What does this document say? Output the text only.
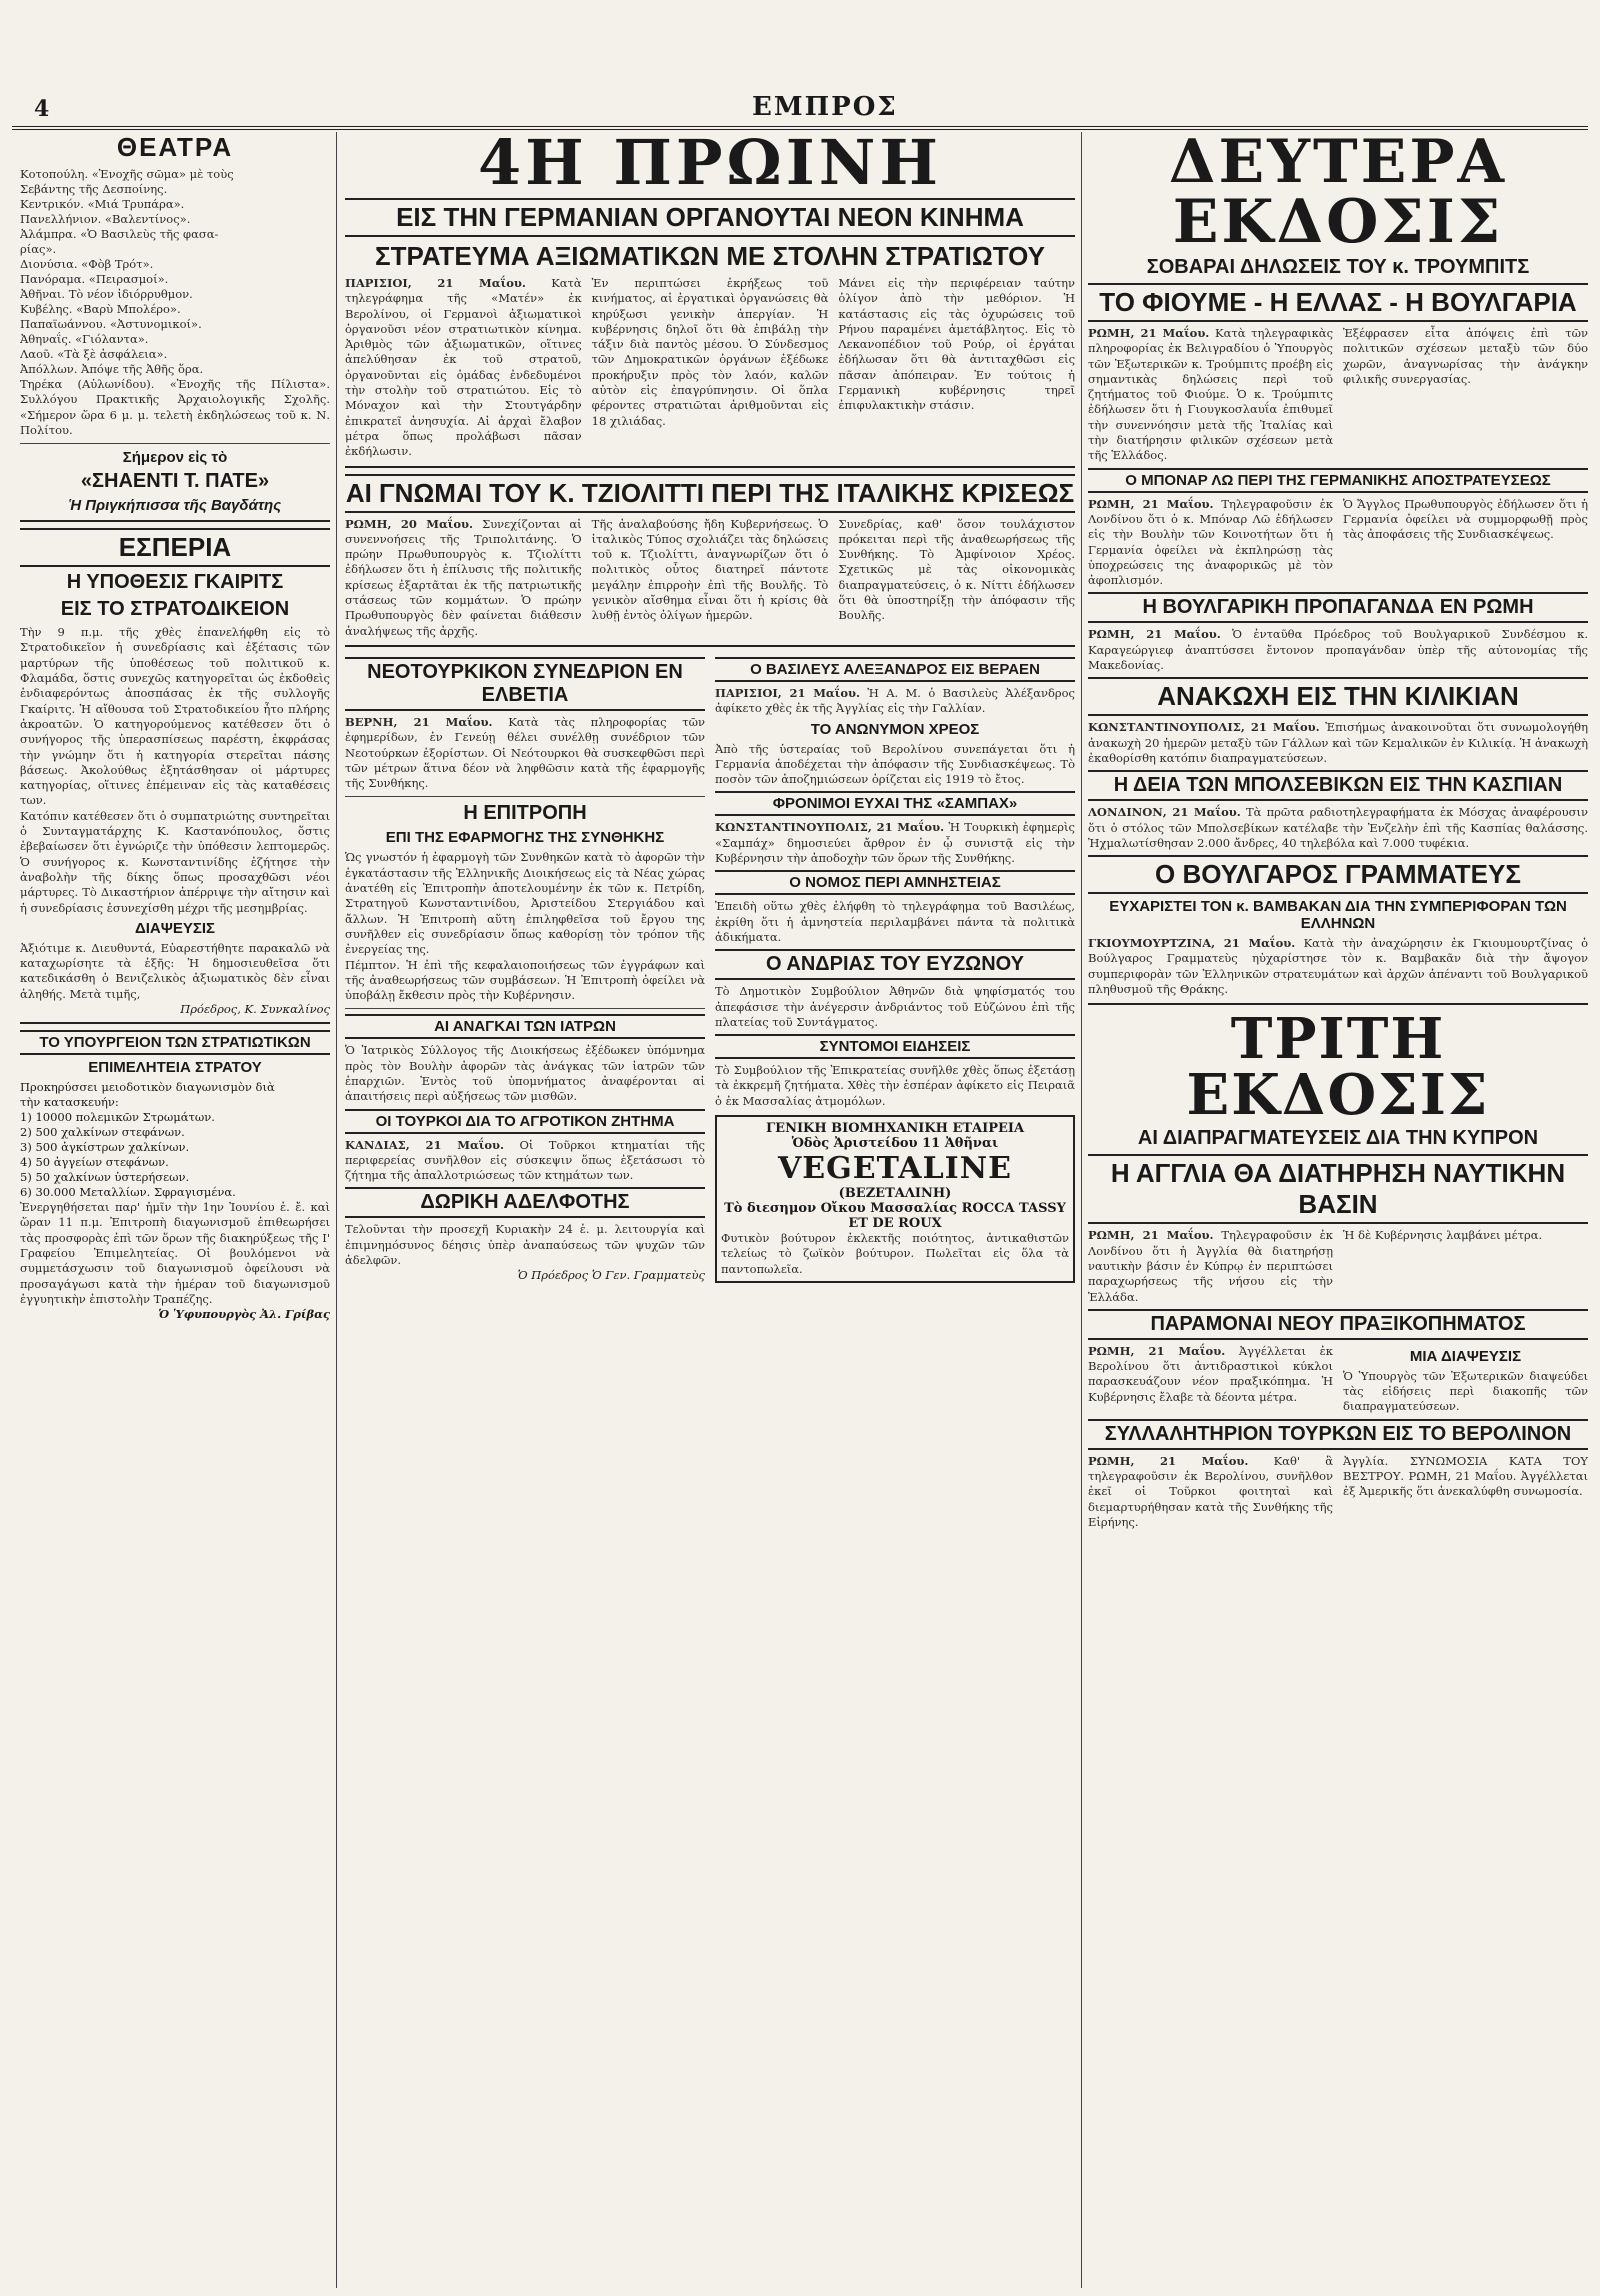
4	ΕΜΠΡΟΣ
ΘΕΑΤΡΑ
Κοτοπούλη. «Ἐνοχῆς σῶμα» μὲ τοὺς
Σεβάντης τῆς Δεσποίνης.
Κεντρικόν. «Μιά Τρυπάρα».
Πανελλήνιον. «Βαλεντίνος».
Ἀλάμπρα. «Ὁ Βασιλεὺς τῆς φασα-
ρίας».
Διονύσια. «Φὸβ Τρότ».
Πανόραμα. «Πειρασμοί».
Ἀθῆναι. Τὸ νέον ἰδιόρρυθμον.
Κυβέλης. «Βαρὺ Μπολέρο».
Παπαϊωάννου. «Ἀστυνομικοί».
Ἀθηναΐς. «Γιόλαντα».
Λαοῦ. «Τὰ ξὲ ἀσφάλεια».
Ἀπόλλων. Ἀπόψε τῆς Ἀθῆς ὅρα.

Τηρέκα (Αὐλωνίδου). «Ἐνοχῆς τῆς Πίλιστα». Συλλόγου Πρακτικῆς Ἀρχαιολογικῆς Σχολῆς. «Σήμερον ὥρα 6 μ. μ. τελετὴ ἐκδηλώσεως τοῦ κ. Ν. Πολίτου.

Σήμερον εἰς τὸ
«ΣΗΑΕΝΤΙ Τ. ΠΑΤΕ»
Ἡ Πριγκήπισσα τῆς Βαγδάτης
ΕΣΠΕΡΙΑ
Η ΥΠΟΘΕΣΙΣ ΓΚΑΙΡΙΤΣ
ΕΙΣ ΤΟ ΣΤΡΑΤΟΔΙΚΕΙΟΝ

Τὴν 9 π.μ. τῆς χθὲς ἐπανελήφθη εἰς τὸ Στρατοδικεῖον ἡ συνεδρίασις καὶ ἐξέτασις τῶν μαρτύρων τῆς ὑποθέσεως τοῦ πολιτικοῦ κ. Φλαμάδα, ὅστις συνεχῶς κατηγορεῖται ὡς ἐκδοθεὶς ἐνδιαφερόντως ἀποσπάσας ἐκ τῆς συλλογῆς Γκαίριτς. Ἡ αἴθουσα τοῦ Στρατοδικείου ἦτο πλήρης ἀκροατῶν. Ὁ κατηγορούμενος κατέθεσεν ὅτι ὁ συνήγορος τῆς ὑπερασπίσεως παρέστη, ἐκφράσας τὴν γνώμην ὅτι ἡ κατηγορία στερεῖται πάσης βάσεως. Ἀκολούθως ἐξητάσθησαν οἱ μάρτυρες κατηγορίας, οἵτινες ἐπέμειναν εἰς τὰς καταθέσεις των.

Κατόπιν κατέθεσεν ὅτι ὁ συμπατριώτης συντηρεῖται ὁ Συνταγματάρχης Κ. Καστανόπουλος, ὅστις ἐβεβαίωσεν ὅτι ἐγνώριζε τὴν ὑπόθεσιν λεπτομερῶς. Ὁ συνήγορος κ. Κωνσταντινίδης ἐζήτησε τὴν ἀναβολὴν τῆς δίκης ὅπως προσαχθῶσι νέοι μάρτυρες. Τὸ Δικαστήριον ἀπέρριψε τὴν αἴτησιν καὶ ἡ συνεδρίασις ἐσυνεχίσθη μέχρι τῆς μεσημβρίας.

ΔΙΑΨΕΥΣΙΣ

Ἀξιότιμε κ. Διευθυντά, Εὐαρεστήθητε παρακαλῶ νὰ καταχωρίσητε τὰ ἑξῆς: Ἡ δημοσιευθεῖσα ὅτι κατεδικάσθη ὁ Βενιζελικὸς ἀξιωματικὸς δὲν εἶναι ἀληθής. Μετὰ τιμῆς,

Πρόεδρος, Κ. Συνκαλίνος
ΤΟ ΥΠΟΥΡΓΕΙΟΝ ΤΩΝ ΣΤΡΑΤΙΩΤΙΚΩΝ
ΕΠΙΜΕΛΗΤΕΙΑ ΣΤΡΑΤΟΥ
Προκηρύσσει μειοδοτικὸν διαγωνισμὸν διὰ
τὴν κατασκευήν:
1) 10000 πολεμικῶν Στρωμάτων.
2) 500 χαλκίνων στεφάνων.
3) 500 ἀγκίστρων χαλκίνων.
4) 50 ἀγγείων στεφάνων.
5) 50 χαλκίνων ὑστερήσεων.
6) 30.000 Μεταλλίων. Σφραγισμένα.

Ἐνεργηθήσεται παρ' ἡμῖν τὴν 1ην Ἰουνίου ἐ. ἔ. καὶ ὥραν 11 π.μ. Ἐπιτροπὴ διαγωνισμοῦ ἐπιθεωρήσει τὰς προσφορὰς ἐπὶ τῶν ὅρων τῆς διακηρύξεως τῆς Ι' Γραφείου Ἐπιμελητείας. Οἱ βουλόμενοι νὰ συμμετάσχωσιν τοῦ διαγωνισμοῦ ὀφείλουσι νὰ προσαγάγωσι κατὰ τὴν ἡμέραν τοῦ διαγωνισμοῦ ἐγγυητικὴν ἐπιστολὴν Τραπέζης.

Ὁ Ὑφυπουργὸς Ἀλ. Γρίβας
4Η ΠΡΩΙΝΗ
ΕΙΣ ΤΗΝ ΓΕΡΜΑΝΙΑΝ ΟΡΓΑΝΟΥΤΑΙ ΝΕΟΝ ΚΙΝΗΜΑ
ΣΤΡΑΤΕΥΜΑ ΑΞΙΩΜΑΤΙΚΩΝ ΜΕ ΣΤΟΛΗΝ ΣΤΡΑΤΙΩΤΟΥ

ΠΑΡΙΣΙΟΙ, 21 Μαΐου. Κατὰ τηλεγράφημα τῆς «Ματέν» ἐκ Βερολίνου, οἱ Γερμανοὶ ἀξιωματικοὶ ὀργανοῦσι νέον στρατιωτικὸν κίνημα. Ἀριθμὸς τῶν ἀξιωματικῶν, οἵτινες ἀπελύθησαν ἐκ τοῦ στρατοῦ, ὀργανοῦνται εἰς ὁμάδας ἐνδεδυμένοι τὴν στολὴν τοῦ στρατιώτου. Εἰς τὸ Μόναχον καὶ τὴν Στουτγάρδην ἐπικρατεῖ ἀνησυχία. Αἱ ἀρχαὶ ἔλαβον μέτρα ὅπως προλάβωσι πᾶσαν ἐκδήλωσιν.

Ἐν περιπτώσει ἐκρήξεως τοῦ κινήματος, αἱ ἐργατικαὶ ὀργανώσεις θὰ κηρύξωσι γενικὴν ἀπεργίαν. Ἡ κυβέρνησις δηλοῖ ὅτι θὰ ἐπιβάλῃ τὴν τάξιν διὰ παντὸς μέσου. Ὁ Σύνδεσμος τῶν Δημοκρατικῶν ὀργάνων ἐξέδωκε προκήρυξιν πρὸς τὸν λαόν, καλῶν αὐτὸν εἰς ἐπαγρύπνησιν. Οἱ ὅπλα φέροντες στρατιῶται ἀριθμοῦνται εἰς 18 χιλιάδας.

Μάνει εἰς τὴν περιφέρειαν ταύτην ὀλίγον ἀπὸ τὴν μεθόριον. Ἡ κατάστασις εἰς τὰς ὀχυρώσεις τοῦ Ρήνου παραμένει ἀμετάβλητος. Εἰς τὸ Λεκανοπέδιον τοῦ Ρούρ, οἱ ἐργάται ἐδήλωσαν ὅτι θὰ ἀντιταχθῶσι εἰς πᾶσαν ἀπόπειραν. Ἐν τούτοις ἡ Γερμανικὴ κυβέρνησις τηρεῖ ἐπιφυλακτικὴν στάσιν.

ΑΙ ΓΝΩΜΑΙ ΤΟΥ Κ. ΤΖΙΟΛΙΤΤΙ ΠΕΡΙ ΤΗΣ ΙΤΑΛΙΚΗΣ ΚΡΙΣΕΩΣ

ΡΩΜΗ, 20 Μαΐου. Συνεχίζονται αἱ συνεννοήσεις τῆς Τριπολιτάνης. Ὁ πρώην Πρωθυπουργὸς κ. Τζιολίττι ἐδήλωσεν ὅτι ἡ ἐπίλυσις τῆς πολιτικῆς κρίσεως ἐξαρτᾶται ἐκ τῆς πατριωτικῆς στάσεως τῶν κομμάτων. Ὁ πρώην Πρωθυπουργὸς δὲν φαίνεται διάθεσιν ἀναλήψεως τῆς ἀρχῆς.

Τῆς ἀναλαβούσης ἤδη Κυβερνήσεως. Ὁ ἰταλικὸς Τύπος σχολιάζει τὰς δηλώσεις τοῦ κ. Τζιολίττι, ἀναγνωρίζων ὅτι ὁ πολιτικὸς οὗτος διατηρεῖ πάντοτε μεγάλην ἐπιρροὴν ἐπὶ τῆς Βουλῆς. Τὸ γενικὸν αἴσθημα εἶναι ὅτι ἡ κρίσις θὰ λυθῇ ἐντὸς ὀλίγων ἡμερῶν.

Συνεδρίας, καθ' ὅσον τουλάχιστον πρόκειται περὶ τῆς ἀναθεωρήσεως τῆς Συνθήκης. Τὸ Ἀμφίνοιον Χρέος. Σχετικῶς μὲ τὰς οἰκονομικὰς διαπραγματεύσεις, ὁ κ. Νίττι ἐδήλωσεν ὅτι θὰ ὑποστηρίξῃ τὴν ἀπόφασιν τῆς Βουλῆς.

ΝΕΟΤΟΥΡΚΙΚΟΝ ΣΥΝΕΔΡΙΟΝ ΕΝ ΕΛΒΕΤΙΑ

ΒΕΡΝΗ, 21 Μαΐου. Κατὰ τὰς πληροφορίας τῶν ἐφημερίδων, ἐν Γενεύῃ θέλει συνέλθῃ συνέδριον τῶν Νεοτούρκων ἐξορίστων. Οἱ Νεότουρκοι θὰ συσκεφθῶσι περὶ τῶν μέτρων ἅτινα δέον νὰ ληφθῶσιν κατὰ τῆς ἐφαρμογῆς τῆς Συνθήκης.

Η ΕΠΙΤΡΟΠΗ
ΕΠΙ ΤΗΣ ΕΦΑΡΜΟΓΗΣ ΤΗΣ ΣΥΝΘΗΚΗΣ

Ὡς γνωστόν ἡ ἐφαρμογὴ τῶν Συνθηκῶν κατὰ τὸ ἀφορῶν τὴν ἐγκατάστασιν τῆς Ἑλληνικῆς Διοικήσεως εἰς τὰ Νέας χώρας ἀνατέθη εἰς Ἐπιτροπὴν ἀποτελουμένην ἐκ τῶν κ. Πετρίδη, Στρατηγοῦ Κωνσταντινίδου, Ἀριστείδου Στεργιάδου καὶ ἄλλων. Ἡ Ἐπιτροπὴ αὕτη ἐπιληφθεῖσα τοῦ ἔργου της συνῆλθεν εἰς συνεδρίασιν ὅπως καθορίσῃ τὸν τρόπον τῆς ἐνεργείας της.

Πέμπτον. Ἡ ἐπὶ τῆς κεφαλαιοποιήσεως τῶν ἐγγράφων καὶ τῆς ἀναθεωρήσεως τῶν συμβάσεων. Ἡ Ἐπιτροπὴ ὀφείλει νὰ ὑποβάλῃ ἔκθεσιν πρὸς τὴν Κυβέρνησιν.

ΑΙ ΑΝΑΓΚΑΙ ΤΩΝ ΙΑΤΡΩΝ

Ὁ Ἰατρικὸς Σύλλογος τῆς Διοικήσεως ἐξέδωκεν ὑπόμνημα πρὸς τὸν Βουλὴν ἀφορῶν τὰς ἀνάγκας τῶν ἰατρῶν τῶν ἐπαρχιῶν. Ἐντὸς τοῦ ὑπομνήματος ἀναφέρονται αἱ ἀπαιτήσεις περὶ αὐξήσεως τῶν μισθῶν.

ΟΙ ΤΟΥΡΚΟΙ ΔΙΑ ΤΟ ΑΓΡΟΤΙΚΟΝ ΖΗΤΗΜΑ

ΚΑΝΔΙΑΣ, 21 Μαΐου. Οἱ Τοῦρκοι κτηματίαι τῆς περιφερείας συνῆλθον εἰς σύσκεψιν ὅπως ἐξετάσωσι τὸ ζήτημα τῆς ἀπαλλοτριώσεως τῶν κτημάτων των.

ΔΩΡΙΚΗ ΑΔΕΛΦΟΤΗΣ

Τελοῦνται τὴν προσεχῆ Κυριακὴν 24 ἐ. μ. λειτουργία καὶ ἐπιμνημόσυνος δέησις ὑπὲρ ἀναπαύσεως τῶν ψυχῶν τῶν ἀδελφῶν.

Ὁ Πρόεδρος Ὁ Γεν. Γραμματεὺς
Ο ΒΑΣΙΛΕΥΣ ΑΛΕΞΑΝΔΡΟΣ ΕΙΣ ΒΕΡΑΕΝ

ΠΑΡΙΣΙΟΙ, 21 Μαΐου. Ἡ Α. Μ. ὁ Βασιλεὺς Ἀλέξανδρος ἀφίκετο χθὲς ἐκ τῆς Ἀγγλίας εἰς τὴν Γαλλίαν.

ΤΟ ΑΝΩΝΥΜΟΝ ΧΡΕΟΣ

Ἀπὸ τῆς ὑστεραίας τοῦ Βερολίνου συνεπάγεται ὅτι ἡ Γερμανία ἀποδέχεται τὴν ἀπόφασιν τῆς Συνδιασκέψεως. Τὸ ποσὸν τῶν ἀποζημιώσεων ὁρίζεται εἰς 1919 τὸ ἔτος.

ΦΡΟΝΙΜΟΙ ΕΥΧΑΙ ΤΗΣ «ΣΑΜΠΑΧ»

ΚΩΝΣΤΑΝΤΙΝΟΥΠΟΛΙΣ, 21 Μαΐου. Ἡ Τουρκικὴ ἐφημερὶς «Σαμπάχ» δημοσιεύει ἄρθρον ἐν ᾧ συνιστᾷ εἰς τὴν Κυβέρνησιν τὴν ἀποδοχὴν τῶν ὅρων τῆς Συνθήκης.

Ο ΝΟΜΟΣ ΠΕΡΙ ΑΜΝΗΣΤΕΙΑΣ

Ἐπειδὴ οὕτω χθὲς ἐλήφθη τὸ τηλεγράφημα τοῦ Βασιλέως, ἐκρίθη ὅτι ἡ ἀμνηστεία περιλαμβάνει πάντα τὰ πολιτικὰ ἀδικήματα.

Ο ΑΝΔΡΙΑΣ ΤΟΥ ΕΥΖΩΝΟΥ

Τὸ Δημοτικὸν Συμβούλιον Ἀθηνῶν διὰ ψηφίσματός του ἀπεφάσισε τὴν ἀνέγερσιν ἀνδριάντος τοῦ Εὐζώνου ἐπὶ τῆς πλατείας τοῦ Συντάγματος.

ΣΥΝΤΟΜΟΙ ΕΙΔΗΣΕΙΣ

Τὸ Συμβούλιον τῆς Ἐπικρατείας συνῆλθε χθὲς ὅπως ἐξετάσῃ τὰ ἐκκρεμῆ ζητήματα. Χθὲς τὴν ἑσπέραν ἀφίκετο εἰς Πειραιᾶ ὁ ἐκ Μασσαλίας ἀτμομόλων.

ΓΕΝΙΚΗ ΒΙΟΜΗΧΑΝΙΚΗ ΕΤΑΙΡΕΙΑ
Ὁδὸς Ἀριστείδου 11 Ἀθῆναι
VEGETALINE
(ΒΕΖΕΤΑΛΙΝΗ)
Τὸ διεσημον Οἴκου Μασσαλίας ROCCA TASSY ET DE ROUX

Φυτικὸν βούτυρον ἐκλεκτῆς ποιότητος, ἀντικαθιστῶν τελείως τὸ ζωϊκὸν βούτυρον. Πωλεῖται εἰς ὅλα τὰ παντοπωλεῖα.

ΔΕΥΤΕΡΑ ΕΚΔΟΣΙΣ
ΣΟΒΑΡΑΙ ΔΗΛΩΣΕΙΣ ΤΟΥ κ. ΤΡΟΥΜΠΙΤΣ
ΤΟ ΦΙΟΥΜΕ - Η ΕΛΛΑΣ - Η ΒΟΥΛΓΑΡΙΑ

ΡΩΜΗ, 21 Μαΐου. Κατὰ τηλεγραφικὰς πληροφορίας ἐκ Βελιγραδίου ὁ Ὑπουργὸς τῶν Ἐξωτερικῶν κ. Τρούμπιτς προέβη εἰς σημαντικὰς δηλώσεις περὶ τοῦ ζητήματος τοῦ Φιούμε. Ὁ κ. Τρούμπιτς ἐδήλωσεν ὅτι ἡ Γιουγκοσλαυΐα ἐπιθυμεῖ τὴν συνεννόησιν μετὰ τῆς Ἰταλίας καὶ τὴν διατήρησιν φιλικῶν σχέσεων μετὰ τῆς Ἑλλάδος.

Ἐξέφρασεν εἶτα ἀπόψεις ἐπὶ τῶν πολιτικῶν σχέσεων μεταξὺ τῶν δύο χωρῶν, ἀναγνωρίσας τὴν ἀνάγκην φιλικῆς συνεργασίας.

Ο ΜΠΟΝΑΡ ΛΩ ΠΕΡΙ ΤΗΣ ΓΕΡΜΑΝΙΚΗΣ ΑΠΟΣΤΡΑΤΕΥΣΕΩΣ

ΡΩΜΗ, 21 Μαΐου. Τηλεγραφοῦσιν ἐκ Λονδίνου ὅτι ὁ κ. Μπόναρ Λῶ ἐδήλωσεν εἰς τὴν Βουλὴν τῶν Κοινοτήτων ὅτι ἡ Γερμανία ὀφείλει νὰ ἐκπληρώσῃ τὰς ὑποχρεώσεις της ἀναφορικῶς μὲ τὸν ἀφοπλισμόν.

Ὁ Ἄγγλος Πρωθυπουργὸς ἐδήλωσεν ὅτι ἡ Γερμανία ὀφείλει νὰ συμμορφωθῇ πρὸς τὰς ἀποφάσεις τῆς Συνδιασκέψεως.

Η ΒΟΥΛΓΑΡΙΚΗ ΠΡΟΠΑΓΑΝΔΑ ΕΝ ΡΩΜΗ

ΡΩΜΗ, 21 Μαΐου. Ὁ ἐνταῦθα Πρόεδρος τοῦ Βουλγαρικοῦ Συνδέσμου κ. Καραγεώργιεφ ἀναπτύσσει ἔντονον προπαγάνδαν ὑπὲρ τῆς αὐτονομίας τῆς Μακεδονίας.

ΑΝΑΚΩΧΗ ΕΙΣ ΤΗΝ ΚΙΛΙΚΙΑΝ

ΚΩΝΣΤΑΝΤΙΝΟΥΠΟΛΙΣ, 21 Μαΐου. Ἐπισήμως ἀνακοινοῦται ὅτι συνωμολογήθη ἀνακωχὴ 20 ἡμερῶν μεταξὺ τῶν Γάλλων καὶ τῶν Κεμαλικῶν ἐν Κιλικίᾳ. Ἡ ἀνακωχὴ ἐκαθορίσθη κατόπιν διαπραγματεύσεων.

Η ΔΕΙΑ ΤΩΝ ΜΠΟΛΣΕΒΙΚΩΝ ΕΙΣ ΤΗΝ ΚΑΣΠΙΑΝ

ΛΟΝΔΙΝΟΝ, 21 Μαΐου. Τὰ πρῶτα ραδιοτηλεγραφήματα ἐκ Μόσχας ἀναφέρουσιν ὅτι ὁ στόλος τῶν Μπολσεβίκων κατέλαβε τὴν Ἐνζελὴν ἐπὶ τῆς Κασπίας θαλάσσης. Ἠχμαλωτίσθησαν 2.000 ἄνδρες, 40 τηλεβόλα καὶ 7.000 τυφέκια.

Ο ΒΟΥΛΓΑΡΟΣ ΓΡΑΜΜΑΤΕΥΣ
ΕΥΧΑΡΙΣΤΕΙ ΤΟΝ κ. ΒΑΜΒΑΚΑΝ ΔΙΑ ΤΗΝ ΣΥΜΠΕΡΙΦΟΡΑΝ ΤΩΝ ΕΛΛΗΝΩΝ

ΓΚΙΟΥΜΟΥΡΤΖΙΝΑ, 21 Μαΐου. Κατὰ τὴν ἀναχώρησιν ἐκ Γκιουμουρτζίνας ὁ Βούλγαρος Γραμματεὺς ηὐχαρίστησε τὸν κ. Βαμβακᾶν διὰ τὴν ἄψογον συμπεριφορὰν τῶν Ἑλληνικῶν στρατευμάτων καὶ ἀρχῶν ἀπέναντι τοῦ Βουλγαρικοῦ πληθυσμοῦ τῆς Θράκης.

ΤΡΙΤΗ ΕΚΔΟΣΙΣ
ΑΙ ΔΙΑΠΡΑΓΜΑΤΕΥΣΕΙΣ ΔΙΑ ΤΗΝ ΚΥΠΡΟΝ
Η ΑΓΓΛΙΑ ΘΑ ΔΙΑΤΗΡΗΣΗ ΝΑΥΤΙΚΗΝ ΒΑΣΙΝ

ΡΩΜΗ, 21 Μαΐου. Τηλεγραφοῦσιν ἐκ Λονδίνου ὅτι ἡ Ἀγγλία θὰ διατηρήσῃ ναυτικὴν βάσιν ἐν Κύπρῳ ἐν περιπτώσει παραχωρήσεως τῆς νήσου εἰς τὴν Ἑλλάδα.

Ἡ δὲ Κυβέρνησις λαμβάνει μέτρα.

ΠΑΡΑΜΟΝΑΙ ΝΕΟΥ ΠΡΑΞΙΚΟΠΗΜΑΤΟΣ

ΡΩΜΗ, 21 Μαΐου. Ἀγγέλλεται ἐκ Βερολίνου ὅτι ἀντιδραστικοὶ κύκλοι παρασκευάζουν νέον πραξικόπημα. Ἡ Κυβέρνησις ἔλαβε τὰ δέοντα μέτρα.

ΜΙΑ ΔΙΑΨΕΥΣΙΣ

Ὁ Ὑπουργὸς τῶν Ἐξωτερικῶν διαψεύδει τὰς εἰδήσεις περὶ διακοπῆς τῶν διαπραγματεύσεων.

ΣΥΛΛΑΛΗΤΗΡΙΟΝ ΤΟΥΡΚΩΝ ΕΙΣ ΤΟ ΒΕΡΟΛΙΝΟΝ

ΡΩΜΗ, 21 Μαΐου. Καθ' ἃ τηλεγραφοῦσιν ἐκ Βερολίνου, συνῆλθον ἐκεῖ οἱ Τοῦρκοι φοιτηταὶ καὶ διεμαρτυρήθησαν κατὰ τῆς Συνθήκης τῆς Εἰρήνης.

Ἀγγλία. ΣΥΝΩΜΟΣΙΑ ΚΑΤΑ ΤΟΥ ΒΕΣΤΡΟΥ. ΡΩΜΗ, 21 Μαΐου. Ἀγγέλλεται ἐξ Ἀμερικῆς ὅτι ἀνεκαλύφθη συνωμοσία.
